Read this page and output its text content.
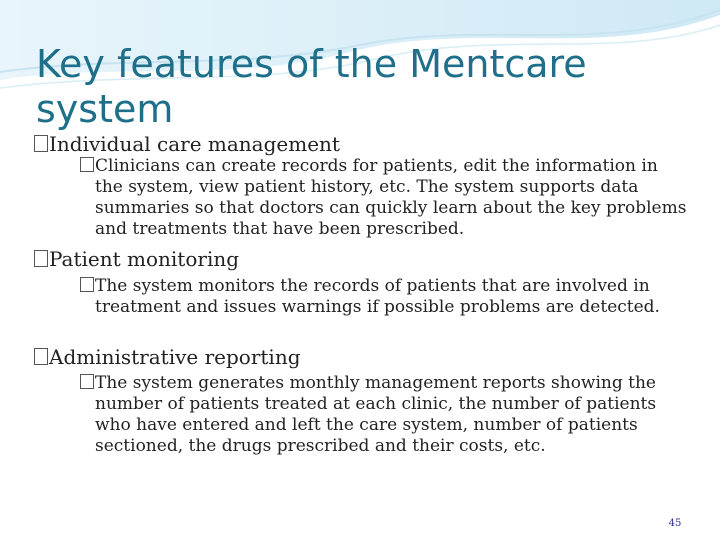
Key features of the Mentcare system
Individual care management
Clinicians can create records for patients, edit the information in the system, view patient history, etc. The system supports data summaries so that doctors can quickly learn about the key problems and treatments that have been prescribed.
Patient monitoring
The system monitors the records of patients that are involved in treatment and issues warnings if possible problems are detected.
Administrative reporting
The system generates monthly management reports showing the number of patients treated at each clinic, the number of patients who have entered and left the care system, number of patients sectioned, the drugs prescribed and their costs, etc.
45
